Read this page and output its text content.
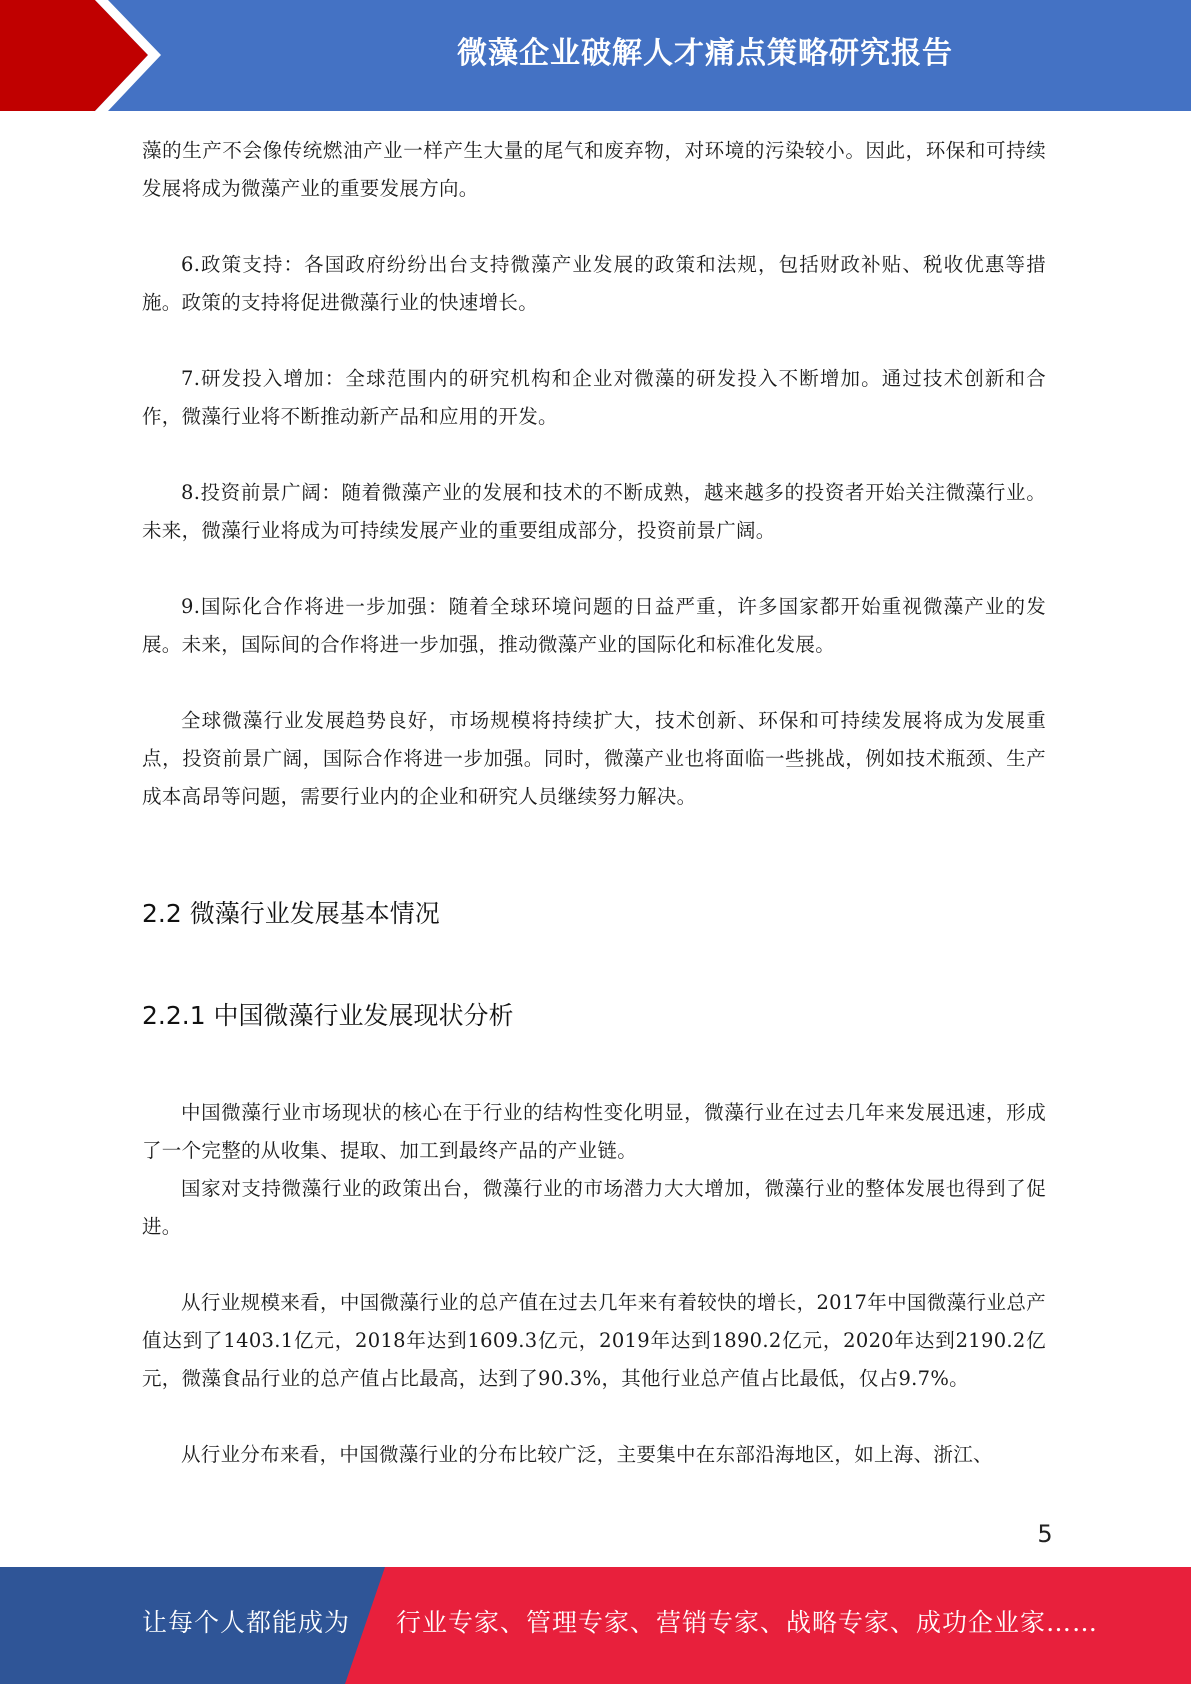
微藻企业破解人才痛点策略研究报告

藻的生产不会像传统燃油产业一样产生大量的尾气和废弃物，对环境的污染较小。因此，环保和可持续发展将成为微藻产业的重要发展方向。

6.政策支持：各国政府纷纷出台支持微藻产业发展的政策和法规，包括财政补贴、税收优惠等措施。政策的支持将促进微藻行业的快速增长。

7.研发投入增加：全球范围内的研究机构和企业对微藻的研发投入不断增加。通过技术创新和合作，微藻行业将不断推动新产品和应用的开发。

8.投资前景广阔：随着微藻产业的发展和技术的不断成熟，越来越多的投资者开始关注微藻行业。未来，微藻行业将成为可持续发展产业的重要组成部分，投资前景广阔。

9.国际化合作将进一步加强：随着全球环境问题的日益严重，许多国家都开始重视微藻产业的发展。未来，国际间的合作将进一步加强，推动微藻产业的国际化和标准化发展。

全球微藻行业发展趋势良好，市场规模将持续扩大，技术创新、环保和可持续发展将成为发展重点，投资前景广阔，国际合作将进一步加强。同时，微藻产业也将面临一些挑战，例如技术瓶颈、生产成本高昂等问题，需要行业内的企业和研究人员继续努力解决。

2.2 微藻行业发展基本情况
2.2.1 中国微藻行业发展现状分析

中国微藻行业市场现状的核心在于行业的结构性变化明显，微藻行业在过去几年来发展迅速，形成了一个完整的从收集、提取、加工到最终产品的产业链。

国家对支持微藻行业的政策出台，微藻行业的市场潜力大大增加，微藻行业的整体发展也得到了促进。

从行业规模来看，中国微藻行业的总产值在过去几年来有着较快的增长，2017年中国微藻行业总产值达到了1403.1亿元，2018年达到1609.3亿元，2019年达到1890.2亿元，2020年达到2190.2亿元，微藻食品行业的总产值占比最高，达到了90.3%，其他行业总产值占比最低，仅占9.7%。

从行业分布来看，中国微藻行业的分布比较广泛，主要集中在东部沿海地区，如上海、浙江、

5
让每个人都能成为 行业专家、管理专家、营销专家、战略专家、成功企业家……
